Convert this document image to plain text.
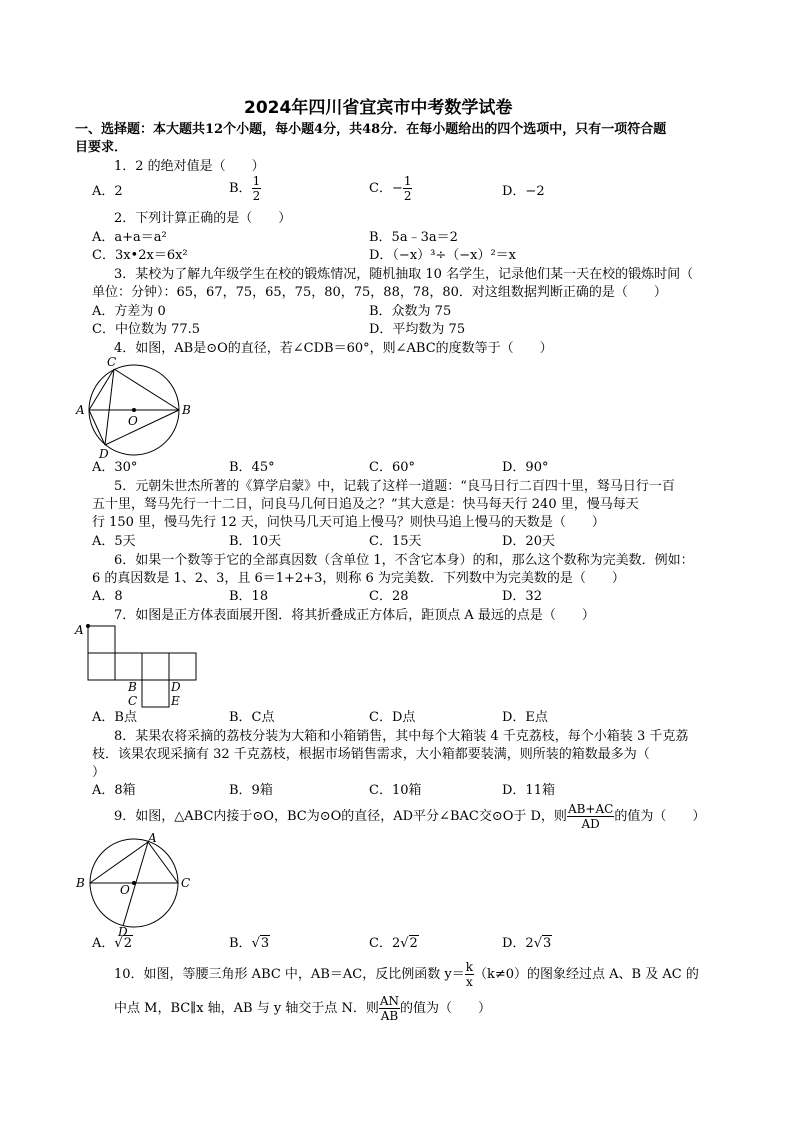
2024年四川省宜宾市中考数学试卷
一、选择题：本大题共12个小题，每小题4分，共48分．在每小题给出的四个选项中，只有一项符合题
目要求．
1．2 的绝对值是（　　）
A．2	B． $\frac{1}{2}$	C．− $\frac{1}{2}$	D．−2
2．下列计算正确的是（　　）
A．a+a＝a²	B．5a﹣3a＝2
C．3x•2x＝6x²	D．（−x）³÷（−x）²＝x
3．某校为了解九年级学生在校的锻炼情况，随机抽取 10 名学生，记录他们某一天在校的锻炼时间（
单位：分钟）：65，67，75，65，75，80，75，88，78，80．对这组数据判断正确的是（　　）
A．方差为 0	B．众数为 75
C．中位数为 77.5	D．平均数为 75
4．如图，AB是⊙O的直径，若∠CDB＝60°，则∠ABC的度数等于（　　）
C
A	B
O
D
A．30°	B．45°	C．60°	D．90°
5．元朝朱世杰所著的《算学启蒙》中，记载了这样一道题：“良马日行二百四十里，驽马日行一百
五十里，驽马先行一十二日，问良马几何日追及之？”其大意是：快马每天行 240 里，慢马每天
行 150 里，慢马先行 12 天，问快马几天可追上慢马？则快马追上慢马的天数是（　　）
A．5天	B．10天	C．15天	D．20天
6．如果一个数等于它的全部真因数（含单位 1，不含它本身）的和，那么这个数称为完美数．例如：
6 的真因数是 1、2、3，且 6＝1+2+3，则称 6 为完美数．下列数中为完美数的是（　　）
A．8	B．18	C．28	D．32
7．如图是正方体表面展开图．将其折叠成正方体后，距顶点 A 最远的点是（　　）
A
B	D
C	E
A．B点	B．C点	C．D点	D．E点
8．某果农将采摘的荔枝分装为大箱和小箱销售，其中每个大箱装 4 千克荔枝，每个小箱装 3 千克荔
枝．该果农现采摘有 32 千克荔枝，根据市场销售需求，大小箱都要装满，则所装的箱数最多为（
）
A．8箱	B．9箱	C．10箱	D．11箱
9．如图，△ABC内接于⊙O，BC为⊙O的直径，AD平分∠BAC交⊙O于 D，则 $\frac{AB+AC}{AD}$ 的值为（　　）
A
B	C
O
D
A．√2	B．√3	C．2√2	D．2√3
10．如图，等腰三角形 ABC 中，AB＝AC，反比例函数 $y= \frac{k}{x} (k\ne 0)$的图象经过点 A、B 及 AC 的
中点 M，BC∥x 轴，AB 与 y 轴交于点 N．则 $\frac{AN}{AB}$ 的值为（　　）
